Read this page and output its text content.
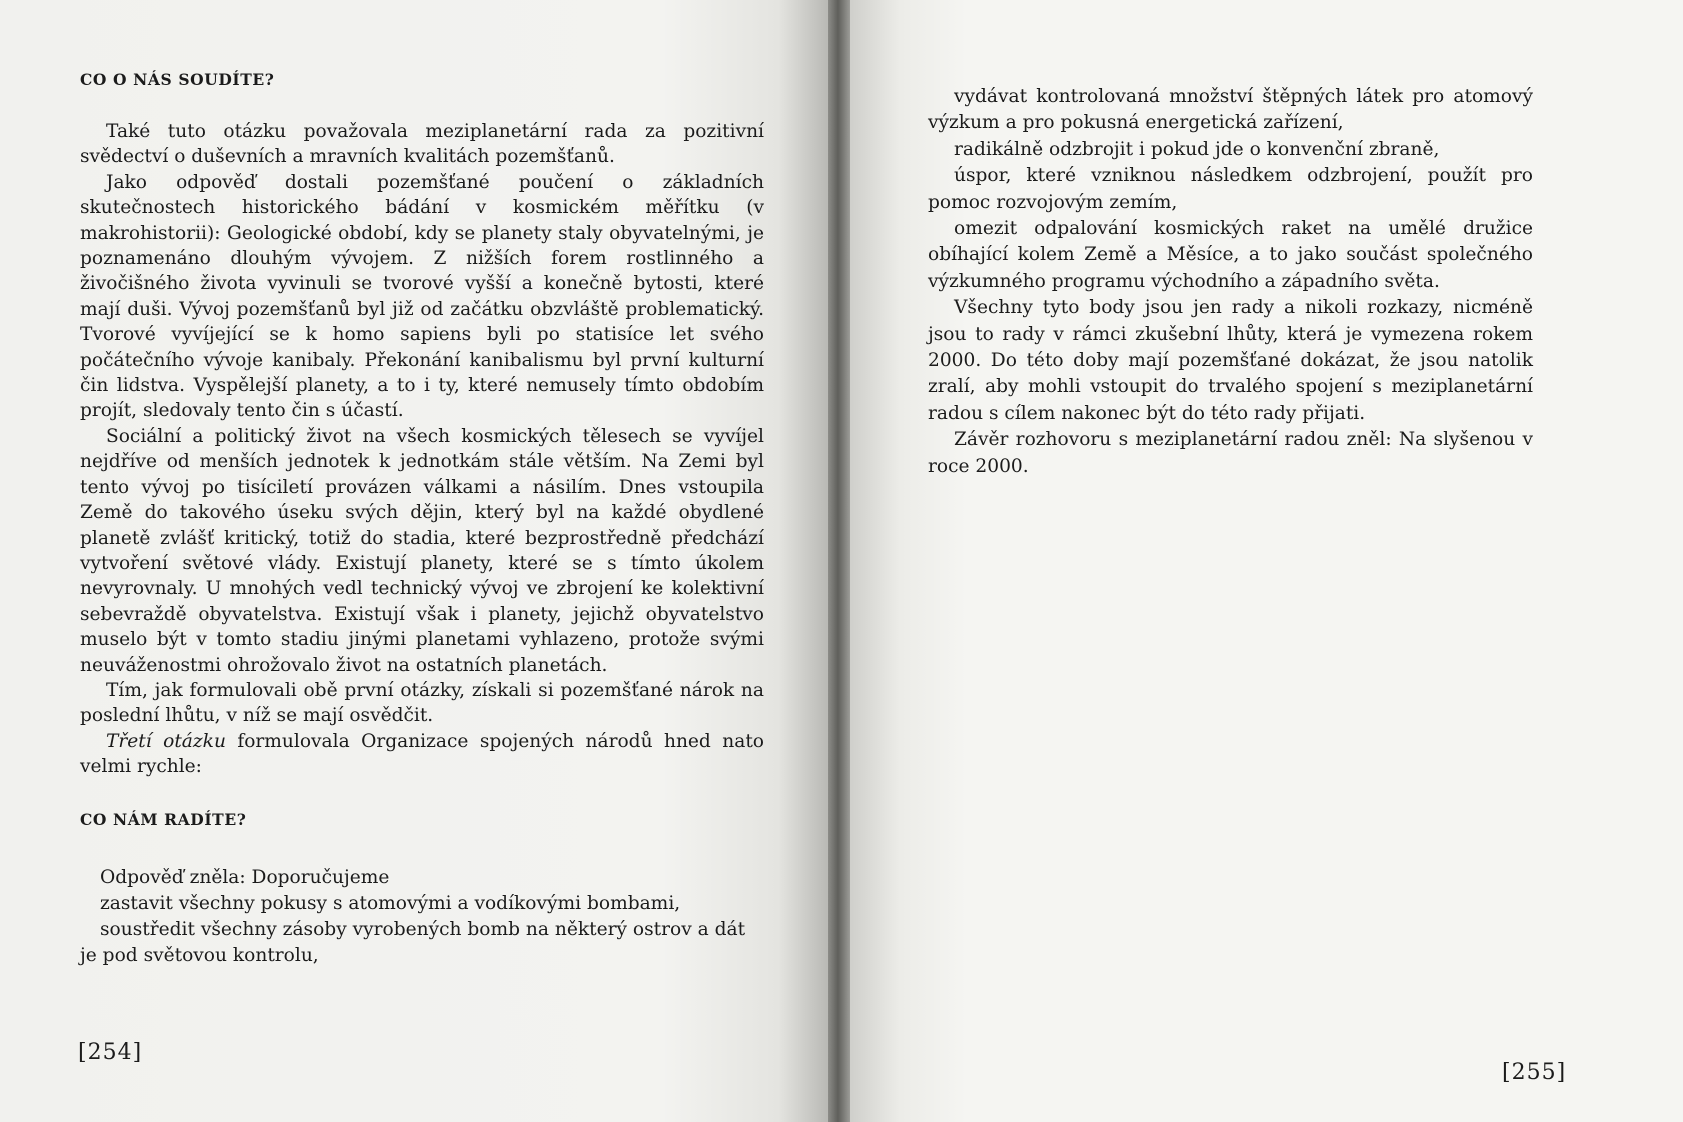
CO O NÁS SOUDÍTE?

Také tuto otázku považovala meziplanetární rada za pozitivní svědectví o duševních a mravních kvalitách pozemšťanů.

Jako odpověď dostali pozemšťané poučení o základních skutečnostech historického bádání v kosmickém měřítku (v makrohistorii): Geologické období, kdy se planety staly obyvatelnými, je poznamenáno dlouhým vývojem. Z nižších forem rostlinného a živočišného života vyvinuli se tvorové vyšší a konečně bytosti, které mají duši. Vývoj pozemšťanů byl již od začátku obzvláště problematický. Tvorové vyvíjející se k homo sapiens byli po statisíce let svého počátečního vývoje kanibaly. Překonání kanibalismu byl první kulturní čin lidstva. Vyspělejší planety, a to i ty, které nemusely tímto obdobím projít, sledovaly tento čin s účastí.

Sociální a politický život na všech kosmických tělesech se vyvíjel nejdříve od menších jednotek k jednotkám stále větším. Na Zemi byl tento vývoj po tisíciletí provázen válkami a násilím. Dnes vstoupila Země do takového úseku svých dějin, který byl na každé obydlené planetě zvlášť kritický, totiž do stadia, které bezprostředně předchází vytvoření světové vlády. Existují planety, které se s tímto úkolem nevyrovnaly. U mnohých vedl technický vývoj ve zbrojení ke kolektivní sebevraždě obyvatelstva. Existují však i planety, jejichž obyvatelstvo muselo být v tomto stadiu jinými planetami vyhlazeno, protože svými neuváženostmi ohrožovalo život na ostatních planetách.

Tím, jak formulovali obě první otázky, získali si pozemšťané nárok na poslední lhůtu, v níž se mají osvědčit.

Třetí otázku formulovala Organizace spojených národů hned nato velmi rychle:

CO NÁM RADÍTE?

Odpověď zněla: Doporučujeme

zastavit všechny pokusy s atomovými a vodíkovými bombami,

soustředit všechny zásoby vyrobených bomb na některý ostrov a dát

je pod světovou kontrolu,

[254]

vydávat kontrolovaná množství štěpných látek pro atomový výzkum a pro pokusná energetická zařízení,

radikálně odzbrojit i pokud jde o konvenční zbraně,

úspor, které vzniknou následkem odzbrojení, použít pro pomoc rozvojovým zemím,

omezit odpalování kosmických raket na umělé družice obíhající kolem Země a Měsíce, a to jako součást společného výzkumného programu východního a západního světa.

Všechny tyto body jsou jen rady a nikoli rozkazy, nicméně jsou to rady v rámci zkušební lhůty, která je vymezena rokem 2000. Do této doby mají pozemšťané dokázat, že jsou natolik zralí, aby mohli vstoupit do trvalého spojení s meziplanetární radou s cílem nakonec být do této rady přijati.

Závěr rozhovoru s meziplanetární radou zněl: Na slyšenou v roce 2000.

[255]
